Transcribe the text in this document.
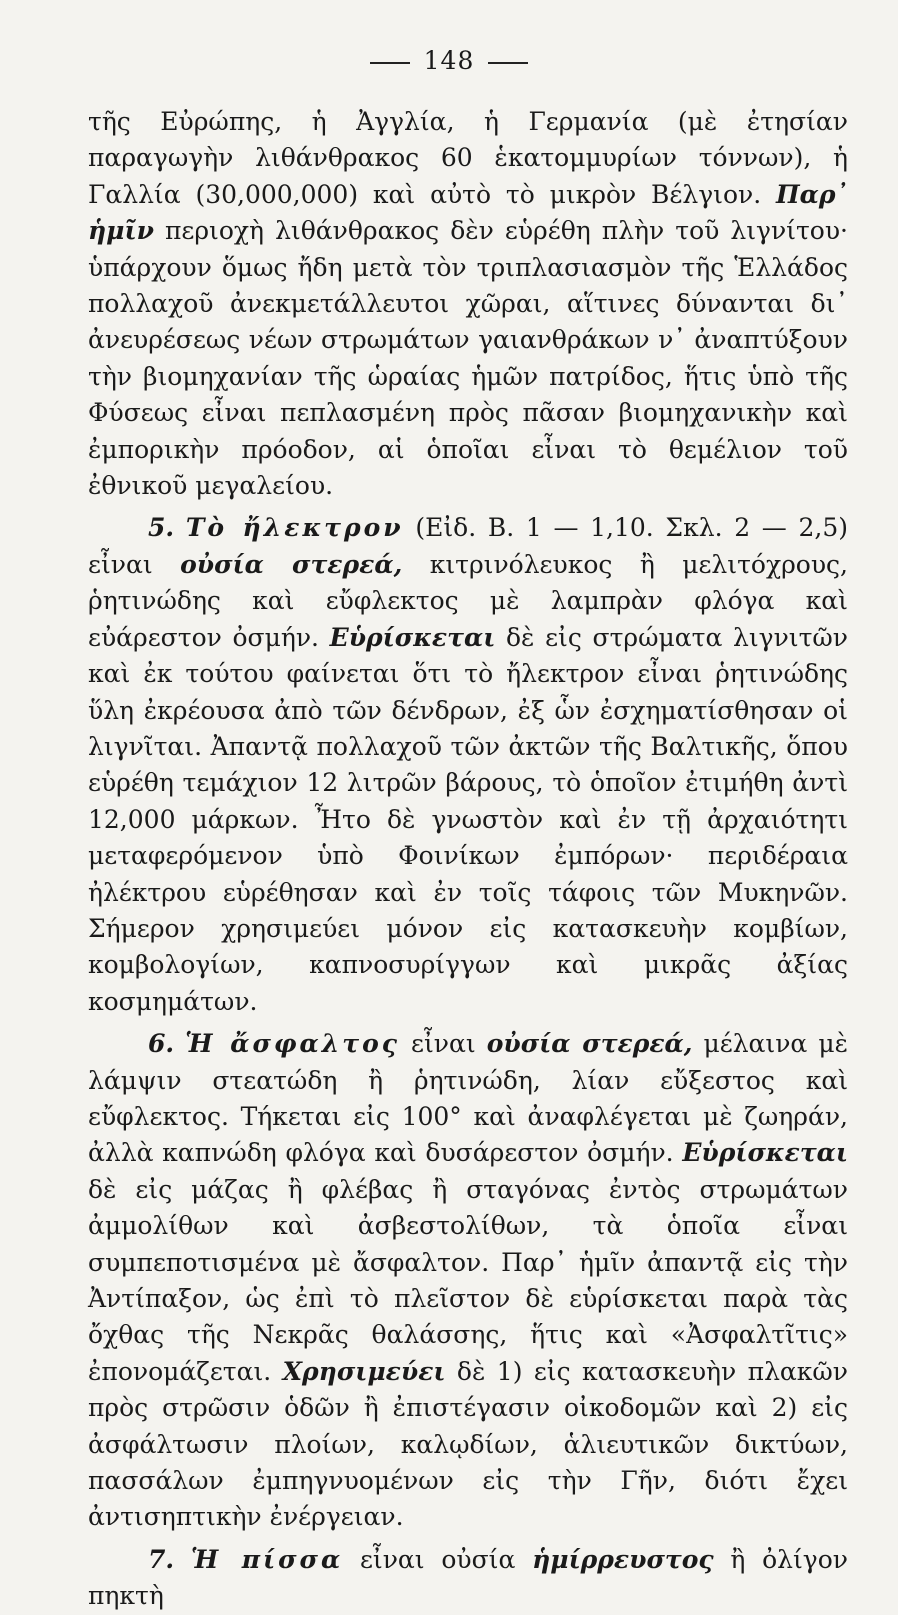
148

τῆς Εὐρώπης, ἡ Ἀγγλία, ἡ Γερμανία (μὲ ἐτησίαν παραγωγὴν λιθάνθρακος 60 ἑκατομμυρίων τόννων), ἡ Γαλλία (30,000,000) καὶ αὐτὸ τὸ μικρὸν Βέλγιον. Παρ᾽ ἡμῖν περιοχὴ λιθάνθρακος δὲν εὑρέθη πλὴν τοῦ λιγνίτου· ὑπάρχουν ὅμως ἤδη μετὰ τὸν τριπλασιασμὸν τῆς Ἑλλάδος πολλαχοῦ ἀνεκμετάλλευτοι χῶραι, αἵτινες δύνανται δι᾽ ἀνευρέσεως νέων στρωμάτων γαιανθράκων ν᾽ ἀναπτύξουν τὴν βιομηχανίαν τῆς ὡραίας ἡμῶν πατρίδος, ἥτις ὑπὸ τῆς Φύσεως εἶναι πεπλασμένη πρὸς πᾶσαν βιομηχανικὴν καὶ ἐμπορικὴν πρόοδον, αἱ ὁποῖαι εἶναι τὸ θεμέλιον τοῦ ἐθνικοῦ μεγαλείου.

5. Τὸ ἤλεκτρον (Εἰδ. Β. 1 — 1,10. Σκλ. 2 — 2,5) εἶναι οὐσία στερεά, κιτρινόλευκος ἢ μελιτόχρους, ῥητινώδης καὶ εὔφλεκτος μὲ λαμπρὰν φλόγα καὶ εὐάρεστον ὀσμήν. Εὑρίσκεται δὲ εἰς στρώματα λιγνιτῶν καὶ ἐκ τούτου φαίνεται ὅτι τὸ ἤλεκτρον εἶναι ῥητινώδης ὕλη ἐκρέουσα ἀπὸ τῶν δένδρων, ἐξ ὧν ἐσχηματίσθησαν οἱ λιγνῖται. Ἀπαντᾷ πολλαχοῦ τῶν ἀκτῶν τῆς Βαλτικῆς, ὅπου εὑρέθη τεμάχιον 12 λιτρῶν βάρους, τὸ ὁποῖον ἐτιμήθη ἀντὶ 12,000 μάρκων. Ἦτο δὲ γνωστὸν καὶ ἐν τῇ ἀρχαιότητι μεταφερόμενον ὑπὸ Φοινίκων ἐμπόρων· περιδέραια ἠλέκτρου εὑρέθησαν καὶ ἐν τοῖς τάφοις τῶν Μυκηνῶν. Σήμερον χρησιμεύει μόνον εἰς κατασκευὴν κομβίων, κομβολογίων, καπνοσυρίγγων καὶ μικρᾶς ἀξίας κοσμημάτων.

6. Ἡ ἄσφαλτος εἶναι οὐσία στερεά, μέλαινα μὲ λάμψιν στεατώδη ἢ ῥητινώδη, λίαν εὔξεστος καὶ εὔφλεκτος. Τήκεται εἰς 100° καὶ ἀναφλέγεται μὲ ζωηράν, ἀλλὰ καπνώδη φλόγα καὶ δυσάρεστον ὀσμήν. Εὑρίσκεται δὲ εἰς μάζας ἢ φλέβας ἢ σταγόνας ἐντὸς στρωμάτων ἀμμολίθων καὶ ἀσβεστολίθων, τὰ ὁποῖα εἶναι συμπεποτισμένα μὲ ἄσφαλτον. Παρ᾽ ἡμῖν ἀπαντᾷ εἰς τὴν Ἀντίπαξον, ὡς ἐπὶ τὸ πλεῖστον δὲ εὑρίσκεται παρὰ τὰς ὄχθας τῆς Νεκρᾶς θαλάσσης, ἥτις καὶ «Ἀσφαλτῖτις» ἐπονομάζεται. Χρησιμεύει δὲ 1) εἰς κατασκευὴν πλακῶν πρὸς στρῶσιν ὁδῶν ἢ ἐπιστέγασιν οἰκοδομῶν καὶ 2) εἰς ἀσφάλτωσιν πλοίων, καλῳδίων, ἁλιευτικῶν δικτύων, πασσάλων ἐμπηγνυομένων εἰς τὴν Γῆν, διότι ἔχει ἀντισηπτικὴν ἐνέργειαν.

7. Ἡ πίσσα εἶναι οὐσία ἡμίρρευστος ἢ ὀλίγον πηκτὴ
